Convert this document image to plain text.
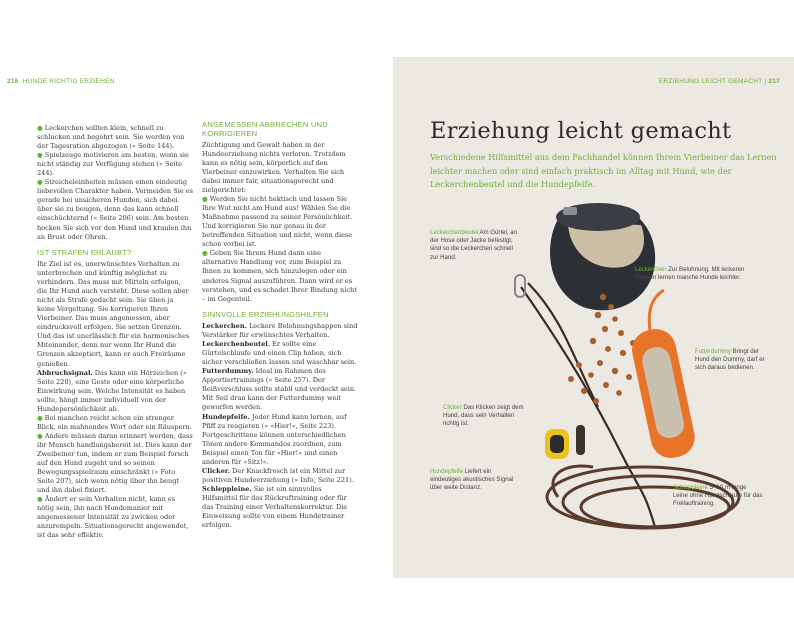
216 HUNDE RICHTIG ERZIEHEN

● Leckerchen sollten klein, schnell zu schlucken und begehrt sein. Sie werden von der Tagesration abgezogen (» Seite 144).

● Spielzeuge motivieren am besten, wenn sie nicht ständig zur Verfügung stehen (» Seite 244).

● Streicheleinheiten müssen einen eindeutig liebevollen Charakter haben. Vermeiden Sie es gerade bei unsicheren Hunden, sich dabei über sie zu beugen, denn das kann schnell einschüchternd (» Seite 206) sein. Am besten hocken Sie sich vor den Hund und kraulen ihn an Brust oder Ohren.

IST STRAFEN ERLAUBT?

Ihr Ziel ist es, unerwünschtes Verhalten zu unterbrechen und künftig möglichst zu verhindern. Das muss mit Mitteln erfolgen, die Ihr Hund auch versteht. Diese sollen aber nicht als Strafe gedacht sein. Sie üben ja keine Vergeltung. Sie korrigieren Ihren Vierbeiner. Das muss angemessen, aber eindrucksvoll erfolgen. Sie setzen Grenzen. Und das ist unerlässlich für ein harmonisches Miteinander, denn nur wenn Ihr Hund die Grenzen akzeptiert, kann er auch Freiräume genießen.

Abbruchsignal. Das kann ein Hörzeichen (» Seite 220), eine Geste oder eine körperliche Einwirkung sein. Welche Intensität es haben sollte, hängt immer individuell von der Hundepersönlichkeit ab.

● Bei manchen reicht schon ein strenger Blick, ein mahnendes Wort oder ein Räuspern.

● Andere müssen daran erinnert werden, dass ihr Mensch handlungsbereit ist. Dies kann der Zweibeiner tun, indem er zum Beispiel forsch auf den Hund zugeht und so seinen Bewegungsspielraum einschränkt (» Foto Seite 207), sich wenn nötig über ihn beugt und ihn dabei fixiert.

● Ändert er sein Verhalten nicht, kann es nötig sein, ihn nach Hundemanier mit angemessener Intensität zu zwicken oder anzurempeln. Situationsgerecht angewendet, ist das sehr effektiv.

ANGEMESSEN ABBRECHEN UND

KORRIGIEREN

Züchtigung und Gewalt haben in der Hundeerziehung nichts verloren. Trotzdem kann es nötig sein, körperlich auf den Vierbeiner einzuwirken. Verhalten Sie sich dabei immer fair, situationsgerecht und zielgerichtet:

● Werden Sie nicht hektisch und lassen Sie Ihre Wut nicht am Hund aus! Wählen Sie die Maßnahme passend zu seiner Persönlichkeit. Und korrigieren Sie nur genau in der betreffenden Situation und nicht, wenn diese schon vorbei ist.

● Geben Sie Ihrem Hund dann eine alternative Handlung vor, zum Beispiel zu Ihnen zu kommen, sich hinzulegen oder ein anderes Signal auszuführen. Dann wird er es verstehen, und es schadet Ihrer Bindung nicht – im Gegenteil.

SINNVOLLE ERZIEHUNGSHILFEN

Leckerchen. Leckere Belohnungshappen sind Verstärker für erwünschtes Verhalten.

Leckerchenbeutel. Er sollte eine Gürtelschlaufe und einen Clip haben, sich sicher verschließen lassen und waschbar sein.

Futterdummy. Ideal im Rahmen des Apportiertrainings (» Seite 257). Der Reißverschluss sollte stabil und verdeckt sein. Mit Seil dran kann der Futterdummy weit geworfen werden.

Hundepfeife. Jeder Hund kann lernen, auf Pfiff zu reagieren (» »Hier!«, Seite 223). Fortgeschrittene können unterschiedlichen Tönen andere Kommandos zuordnen, zum Beispiel einen Ton für »Hier!« und einen anderen für »Sitz!«.

Clicker. Der Knackfrosch ist ein Mittel zur positiven Hundeerziehung (» Info, Seite 221).

Schleppleine. Sie ist ein sinnvolles Hilfsmittel für das Rückruftraining oder für das Training einer Verhaltenskorrektur. Die Einweisung sollte von einem Hundetrainer erfolgen.

ERZIEHUNG LEICHT GEMACHT | 217
Erziehung leicht gemacht
Verschiedene Hilfsmittel aus dem Fachhandel können Ihrem Vierbeiner das Lernen leichter machen oder sind einfach praktisch im Alltag mit Hund, wie der Leckerchenbeutel und die Hundepfeife.
Leckerchenbeutel Am Gürtel, an der Hose oder Jacke befestigt, sind so die Leckerchen schnell zur Hand.
Leckerchen Zur Belohnung. Mit leckeren Happen lernen manche Hunde leichter.
Futterdummy Bringt der Hund den Dummy, darf er sich daraus bedienen.
Clicker Das Klicken zeigt dem Hund, dass sein Verhalten richtig ist.
Hundepfeife Liefert ein eindeutiges akustisches Signal über weite Distanz.	Schleppleine 5–10 m lange Leine ohne Handschlaufe für das Freilauftraining.
